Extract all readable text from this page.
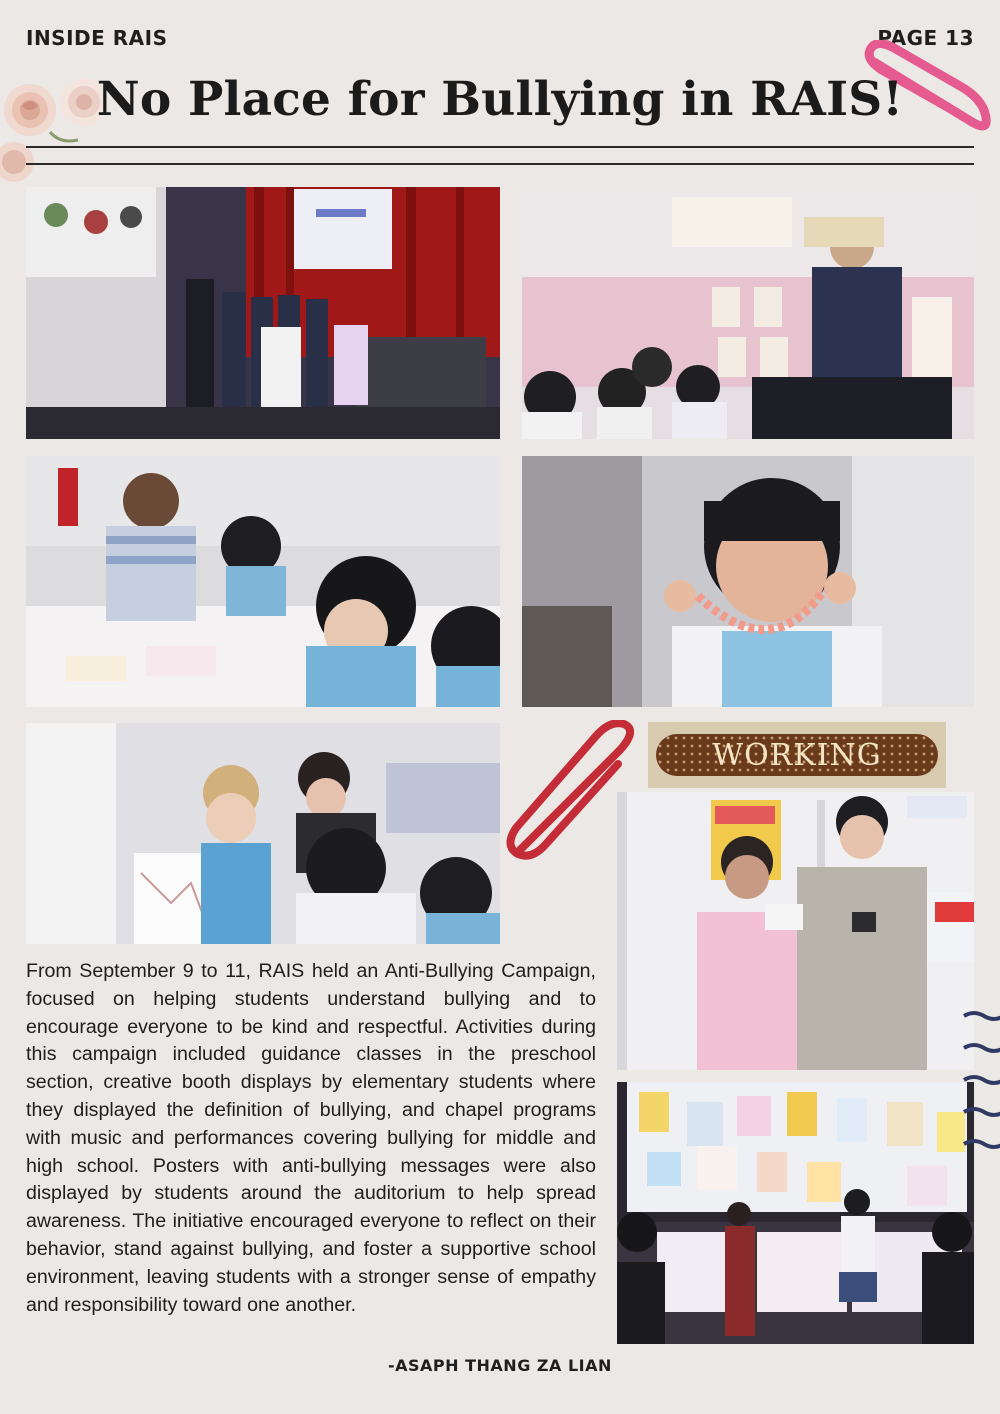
INSIDE RAIS	PAGE 13
No Place for Bullying in RAIS!
WORKING
From September 9 to 11, RAIS held an Anti-Bullying Campaign, focused on helping students understand bullying and to encourage everyone to be kind and respectful. Activities during this campaign included guidance classes in the preschool section, creative booth displays by elementary students where they displayed the definition of bullying, and chapel programs with music and performances covering bullying for middle and high school. Posters with anti-bullying messages were also displayed by students around the auditorium to help spread awareness. The initiative encouraged everyone to reflect on their behavior, stand against bullying, and foster a supportive school environment, leaving students with a stronger sense of empathy and responsibility toward one another.
-ASAPH THANG ZA LIAN
